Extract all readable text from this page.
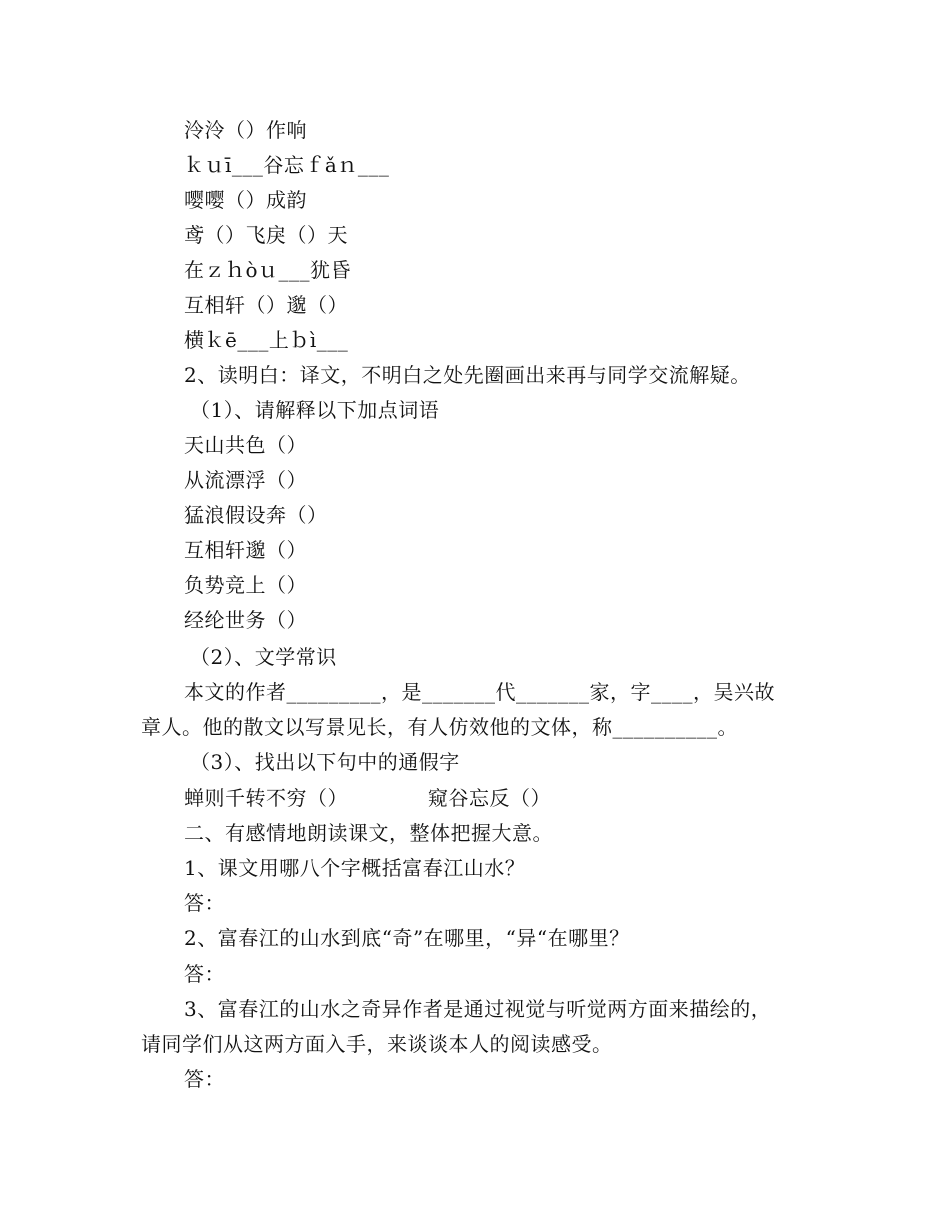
泠泠（）作响
ｋｕī___谷忘ｆǎｎ___
嘤嘤（）成韵
鸢（）飞戾（）天
在ｚｈòｕ___犹昏
互相轩（）邈（）
横ｋē___上ｂì___
2、读明白：译文，不明白之处先圈画出来再与同学交流解疑。
（1）、请解释以下加点词语
天山共色（）
从流漂浮（）
猛浪假设奔（）
互相轩邈（）
负势竞上（）
经纶世务（）
（2）、文学常识
本文的作者_________，是_______代_______家，字____，吴兴故
章人。他的散文以写景见长，有人仿效他的文体，称__________。
（3）、找出以下句中的通假字
蝉则千转不穷（）	窥谷忘反（）
二、有感情地朗读课文，整体把握大意。
1、课文用哪八个字概括富春江山水？
答：
2、富春江的山水到底“奇”在哪里，“异“在哪里？
答：
3、富春江的山水之奇异作者是通过视觉与听觉两方面来描绘的，
请同学们从这两方面入手，来谈谈本人的阅读感受。
答：
